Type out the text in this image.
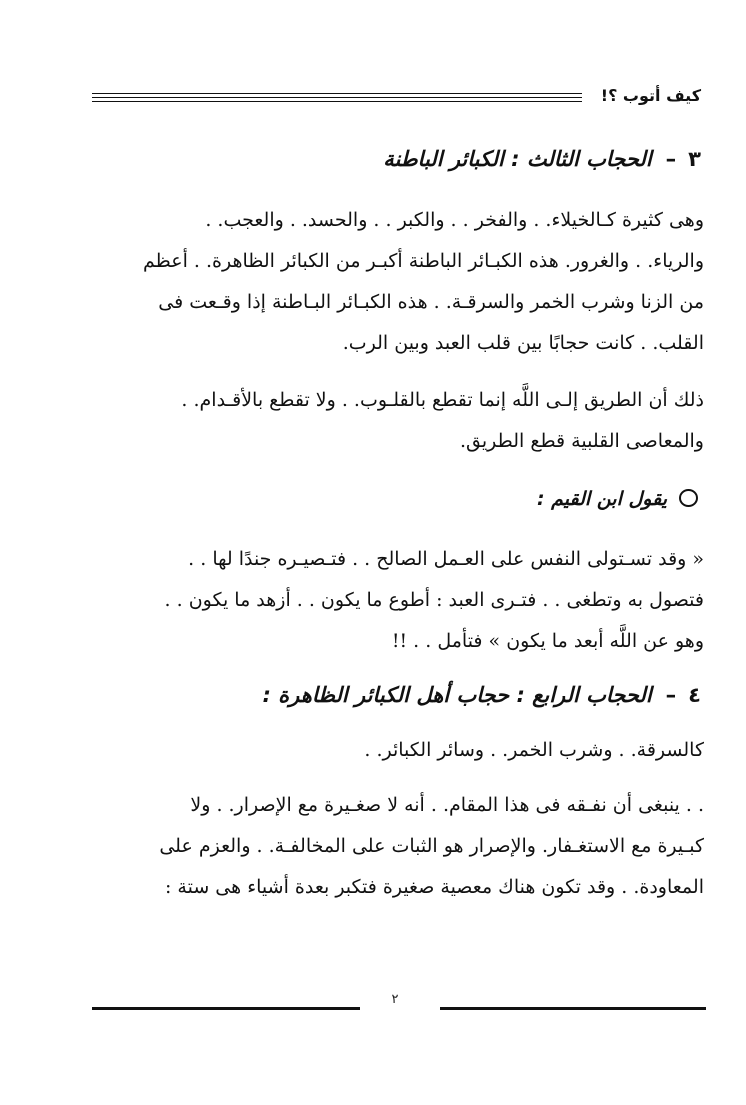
كيف أتوب ؟!
٣–الحجاب الثالث : الكبائر الباطنة
وهى كثيرة كـالخيلاء. . والفخر . . والكبر . . والحسد. . والعجب. .
والرياء. . والغرور. هذه الكبـائر الباطنة أكبـر من الكبائر الظاهرة. . أعظم
من الزنا وشرب الخمر والسرقـة. . هذه الكبـائر البـاطنة إذا وقـعت فى
القلب. . كانت حجابًا بين قلب العبد وبين الرب.
ذلك أن الطريق إلـى اللَّه إنما تقطع بالقلـوب. . ولا تقطع بالأقـدام. .
والمعاصى القلبية قطع الطريق.
يقول ابن القيم :
« وقد تسـتولى النفس على العـمل الصالح . . فتـصيـره جندًا لها . .
فتصول به وتطغى . . فتـرى العبد : أطوع ما يكون . . أزهد ما يكون . .
وهو عن اللَّه أبعد ما يكون » فتأمل . . !!
٤–الحجاب الرابع : حجاب أهل الكبائر الظاهرة :
كالسرقة. . وشرب الخمر. . وسائر الكبائر. .
. . ينبغى أن نفـقه فى هذا المقام. . أنه لا صغـيرة مع الإصرار. . ولا
كبـيرة مع الاستغـفار. والإصرار هو الثبات على المخالفـة. . والعزم على
المعاودة. . وقد تكون هناك معصية صغيرة فتكبر بعدة أشياء هى ستة :
٢
